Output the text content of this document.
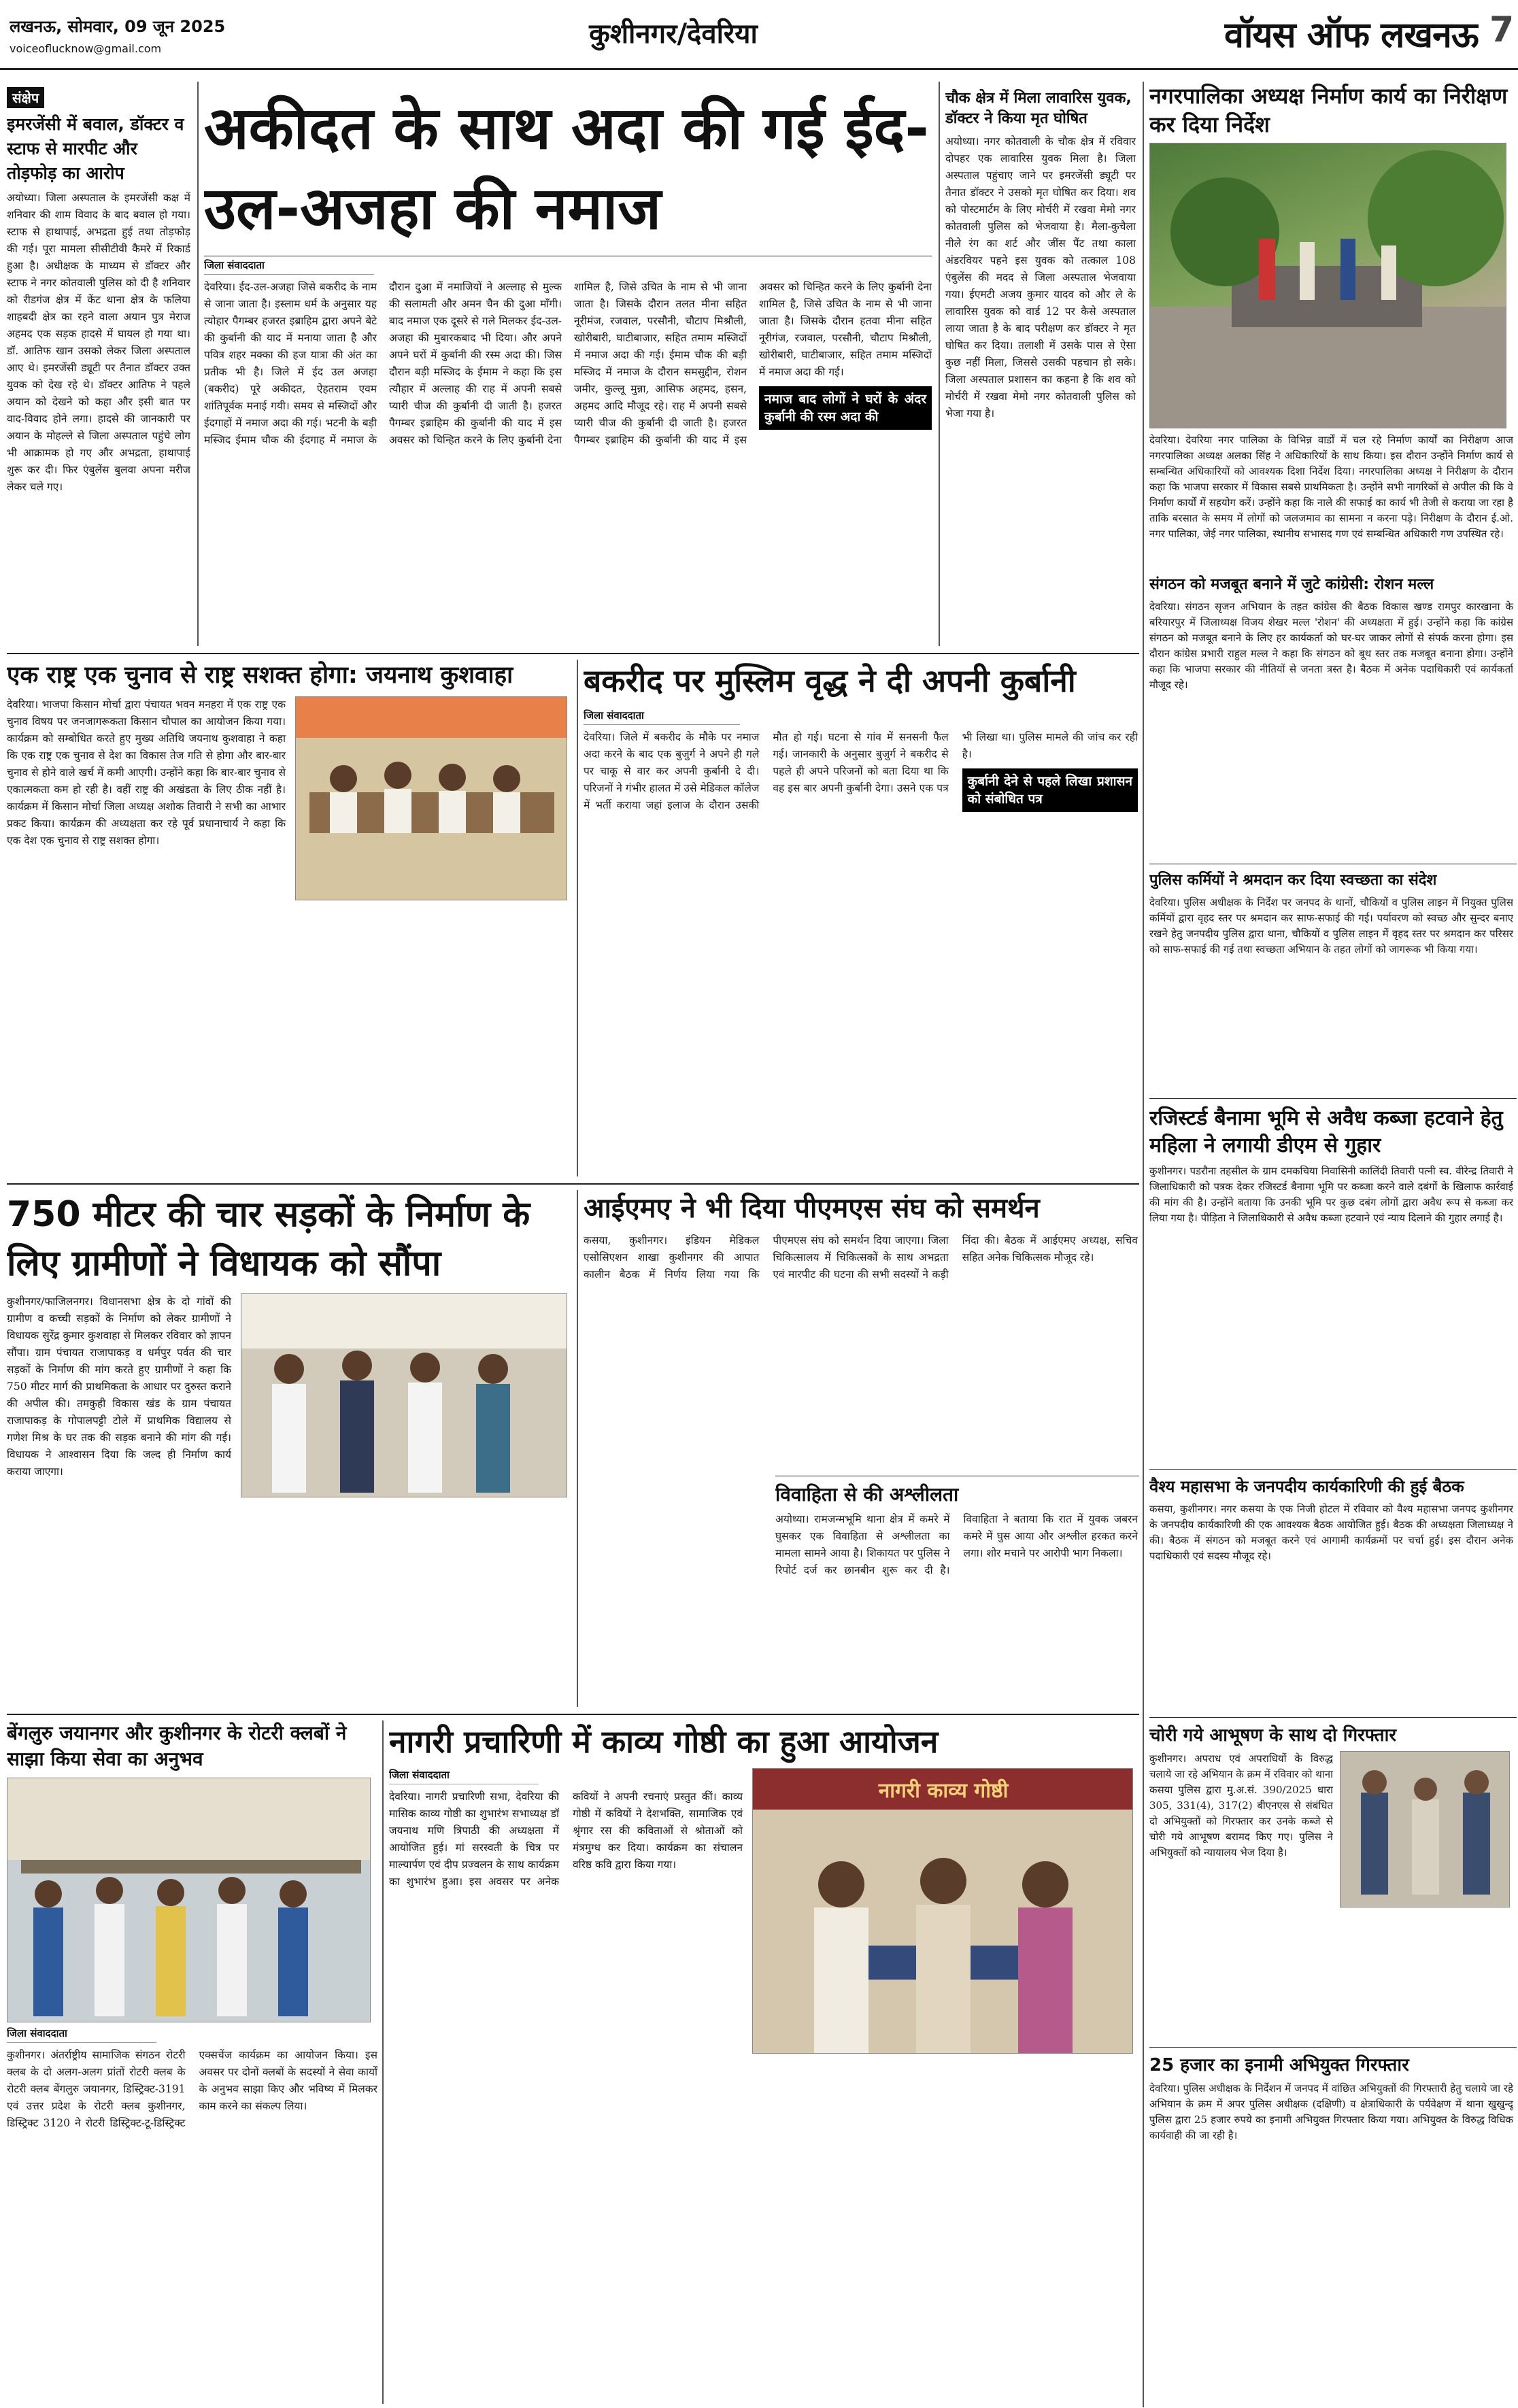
लखनऊ, सोमवार, 09 जून 2025
voiceoflucknow@gmail.com	कुशीनगर/देवरिया	वॉयस ऑफ लखनऊ 7
संक्षेप
इमरजेंसी में बवाल, डॉक्टर व स्टाफ से मारपीट और तोड़फोड़ का आरोप
अयोध्या। जिला अस्पताल के इमरजेंसी कक्ष में शनिवार की शाम विवाद के बाद बवाल हो गया। स्टाफ से हाथापाई, अभद्रता हुई तथा तोड़फोड़ की गई। पूरा मामला सीसीटीवी कैमरे में रिकार्ड हुआ है। अधीक्षक के माध्यम से डॉक्टर और स्टाफ ने नगर कोतवाली पुलिस को दी है शनिवार को रीडगंज क्षेत्र में केंट थाना क्षेत्र के फलिया शाहबदी क्षेत्र का रहने वाला अयान पुत्र मेराज अहमद एक सड़क हादसे में घायल हो गया था। डॉ. आतिफ खान उसको लेकर जिला अस्पताल आए थे। इमरजेंसी ड्यूटी पर तैनात डॉक्टर उक्त युवक को देख रहे थे। डॉक्टर आतिफ ने पहले अयान को देखने को कहा और इसी बात पर वाद-विवाद होने लगा। हादसे की जानकारी पर अयान के मोहल्ले से जिला अस्पताल पहुंचे लोग भी आक्रामक हो गए और अभद्रता, हाथापाई शुरू कर दी। फिर एंबुलेंस बुलवा अपना मरीज लेकर चले गए।
अकीदत के साथ अदा की गई ईद-उल-अजहा की नमाज
जिला संवाददाता
देवरिया। ईद-उल-अजहा जिसे बकरीद के नाम से जाना जाता है। इस्लाम धर्म के अनुसार यह त्योहार पैगम्बर हजरत इब्राहिम द्वारा अपने बेटे की कुर्बानी की याद में मनाया जाता है और पवित्र शहर मक्का की हज यात्रा की अंत का प्रतीक भी है। जिले में ईद उल अजहा (बकरीद) पूरे अकीदत, ऐहतराम एवम शांतिपूर्वक मनाई गयी। समय से मस्जिदों और ईदगाहों में नमाज अदा की गई। भटनी के बड़ी मस्जिद ईमाम चौक की ईदगाह में नमाज के दौरान दुआ में नमाजियों ने अल्लाह से मुल्क की सलामती और अमन चैन की दुआ माँगी। बाद नमाज एक दूसरे से गले मिलकर ईद-उल-अजहा की मुबारकबाद भी दिया। और अपने अपने घरों में कुर्बानी की रस्म अदा की। जिस दौरान बड़ी मस्जिद के ईमाम ने कहा कि इस त्यौहार में अल्लाह की राह में अपनी सबसे प्यारी चीज की कुर्बानी दी जाती है। हजरत पैगम्बर इब्राहिम की कुर्बानी की याद में इस अवसर को चिन्हित करने के लिए कुर्बानी देना शामिल है, जिसे उचित के नाम से भी जाना जाता है। जिसके दौरान तलत मीना सहित नूरीमंज, रजवाल, परसौनी, चौटाप मिश्रौली, खोरीबारी, घाटीबाजार, सहित तमाम मस्जिदों में नमाज अदा की गई। ईमाम चौक की बड़ी मस्जिद में नमाज के दौरान समसुद्दीन, रोशन जमीर, कुल्लू मुन्ना, आसिफ अहमद, हसन, अहमद आदि मौजूद रहे। राह में अपनी सबसे प्यारी चीज की कुर्बानी दी जाती है। हजरत पैगम्बर इब्राहिम की कुर्बानी की याद में इस अवसर को चिन्हित करने के लिए कुर्बानी देना शामिल है, जिसे उचित के नाम से भी जाना जाता है। जिसके दौरान हतवा मीना सहित नूरीगंज, रजवाल, परसौनी, चौटाप मिश्रौली, खोरीबारी, घाटीबाजार, सहित तमाम मस्जिदों में नमाज अदा की गई।
नमाज बाद लोगों ने घरों के अंदर कुर्बानी की रस्म अदा की
चौक क्षेत्र में मिला लावारिस युवक, डॉक्टर ने किया मृत घोषित
अयोध्या। नगर कोतवाली के चौक क्षेत्र में रविवार दोपहर एक लावारिस युवक मिला है। जिला अस्पताल पहुंचाए जाने पर इमरजेंसी ड्यूटी पर तैनात डॉक्टर ने उसको मृत घोषित कर दिया। शव को पोस्टमार्टम के लिए मोर्चरी में रखवा मेमो नगर कोतवाली पुलिस को भेजवाया है। मैला-कुचैला नीले रंग का शर्ट और जींस पैंट तथा काला अंडरवियर पहने इस युवक को तत्काल 108 एंबुलेंस की मदद से जिला अस्पताल भेजवाया गया। ईएमटी अजय कुमार यादव को और ले के लावारिस युवक को वार्ड 12 पर कैसे अस्पताल लाया जाता है के बाद परीक्षण कर डॉक्टर ने मृत घोषित कर दिया। तलाशी में उसके पास से ऐसा कुछ नहीं मिला, जिससे उसकी पहचान हो सके। जिला अस्पताल प्रशासन का कहना है कि शव को मोर्चरी में रखवा मेमो नगर कोतवाली पुलिस को भेजा गया है।
नगरपालिका अध्यक्ष निर्माण कार्य का निरीक्षण कर दिया निर्देश
देवरिया। देवरिया नगर पालिका के विभिन्न वार्डों में चल रहे निर्माण कार्यों का निरीक्षण आज नगरपालिका अध्यक्ष अलका सिंह ने अधिकारियों के साथ किया। इस दौरान उन्होंने निर्माण कार्य से सम्बन्धित अधिकारियों को आवश्यक दिशा निर्देश दिया। नगरपालिका अध्यक्ष ने निरीक्षण के दौरान कहा कि भाजपा सरकार में विकास सबसे प्राथमिकता है। उन्होंने सभी नागरिकों से अपील की कि वे निर्माण कार्यों में सहयोग करें। उन्होंने कहा कि नाले की सफाई का कार्य भी तेजी से कराया जा रहा है ताकि बरसात के समय में लोगों को जलजमाव का सामना न करना पड़े। निरीक्षण के दौरान ई.ओ. नगर पालिका, जेई नगर पालिका, स्थानीय सभासद गण एवं सम्बन्धित अधिकारी गण उपस्थित रहे।
संगठन को मजबूत बनाने में जुटे कांग्रेसी: रोशन मल्ल
देवरिया। संगठन सृजन अभियान के तहत कांग्रेस की बैठक विकास खण्ड रामपुर कारखाना के बरियारपुर में जिलाध्यक्ष विजय शेखर मल्ल 'रोशन' की अध्यक्षता में हुई। उन्होंने कहा कि कांग्रेस संगठन को मजबूत बनाने के लिए हर कार्यकर्ता को घर-घर जाकर लोगों से संपर्क करना होगा। इस दौरान कांग्रेस प्रभारी राहुल मल्ल ने कहा कि संगठन को बूथ स्तर तक मजबूत बनाना होगा। उन्होंने कहा कि भाजपा सरकार की नीतियों से जनता त्रस्त है। बैठक में अनेक पदाधिकारी एवं कार्यकर्ता मौजूद रहे।
पुलिस कर्मियों ने श्रमदान कर दिया स्वच्छता का संदेश
देवरिया। पुलिस अधीक्षक के निर्देश पर जनपद के थानों, चौकियों व पुलिस लाइन में नियुक्त पुलिस कर्मियों द्वारा वृहद स्तर पर श्रमदान कर साफ-सफाई की गई। पर्यावरण को स्वच्छ और सुन्दर बनाए रखने हेतु जनपदीय पुलिस द्वारा थाना, चौकियों व पुलिस लाइन में वृहद स्तर पर श्रमदान कर परिसर को साफ-सफाई की गई तथा स्वच्छता अभियान के तहत लोगों को जागरूक भी किया गया।
रजिस्टर्ड बैनामा भूमि से अवैध कब्जा हटवाने हेतु महिला ने लगायी डीएम से गुहार
कुशीनगर। पडरौना तहसील के ग्राम दमकचिया निवासिनी कालिंदी तिवारी पत्नी स्व. वीरेन्द्र तिवारी ने जिलाधिकारी को पत्रक देकर रजिस्टर्ड बैनामा भूमि पर कब्जा करने वाले दबंगों के खिलाफ कार्रवाई की मांग की है। उन्होंने बताया कि उनकी भूमि पर कुछ दबंग लोगों द्वारा अवैध रूप से कब्जा कर लिया गया है। पीड़िता ने जिलाधिकारी से अवैध कब्जा हटवाने एवं न्याय दिलाने की गुहार लगाई है।
वैश्य महासभा के जनपदीय कार्यकारिणी की हुई बैठक
कसया, कुशीनगर। नगर कसया के एक निजी होटल में रविवार को वैश्य महासभा जनपद कुशीनगर के जनपदीय कार्यकारिणी की एक आवश्यक बैठक आयोजित हुई। बैठक की अध्यक्षता जिलाध्यक्ष ने की। बैठक में संगठन को मजबूत करने एवं आगामी कार्यक्रमों पर चर्चा हुई। इस दौरान अनेक पदाधिकारी एवं सदस्य मौजूद रहे।
चोरी गये आभूषण के साथ दो गिरफ्तार
कुशीनगर। अपराध एवं अपराधियों के विरुद्ध चलाये जा रहे अभियान के क्रम में रविवार को थाना कसया पुलिस द्वारा मु.अ.सं. 390/2025 धारा 305, 331(4), 317(2) बीएनएस से संबंधित दो अभियुक्तों को गिरफ्तार कर उनके कब्जे से चोरी गये आभूषण बरामद किए गए। पुलिस ने अभियुक्तों को न्यायालय भेज दिया है।
25 हजार का इनामी अभियुक्त गिरफ्तार
देवरिया। पुलिस अधीक्षक के निर्देशन में जनपद में वांछित अभियुक्तों की गिरफ्तारी हेतु चलाये जा रहे अभियान के क्रम में अपर पुलिस अधीक्षक (दक्षिणी) व क्षेत्राधिकारी के पर्यवेक्षण में थाना खुखुन्दू पुलिस द्वारा 25 हजार रुपये का इनामी अभियुक्त गिरफ्तार किया गया। अभियुक्त के विरुद्ध विधिक कार्यवाही की जा रही है।
एक राष्ट्र एक चुनाव से राष्ट्र सशक्त होगा: जयनाथ कुशवाहा
देवरिया। भाजपा किसान मोर्चा द्वारा पंचायत भवन मनहरा में एक राष्ट्र एक चुनाव विषय पर जनजागरूकता किसान चौपाल का आयोजन किया गया। कार्यक्रम को सम्बोधित करते हुए मुख्य अतिथि जयनाथ कुशवाहा ने कहा कि एक राष्ट्र एक चुनाव से देश का विकास तेज गति से होगा और बार-बार चुनाव से होने वाले खर्च में कमी आएगी। उन्होंने कहा कि बार-बार चुनाव से एकात्मकता कम हो रही है। वहीं राष्ट्र की अखंडता के लिए ठीक नहीं है। कार्यक्रम में किसान मोर्चा जिला अध्यक्ष अशोक तिवारी ने सभी का आभार प्रकट किया। कार्यक्रम की अध्यक्षता कर रहे पूर्व प्रधानाचार्य ने कहा कि एक देश एक चुनाव से राष्ट्र सशक्त होगा।
बकरीद पर मुस्लिम वृद्ध ने दी अपनी कुर्बानी
जिला संवाददाता
देवरिया। जिले में बकरीद के मौके पर नमाज अदा करने के बाद एक बुजुर्ग ने अपने ही गले पर चाकू से वार कर अपनी कुर्बानी दे दी। परिजनों ने गंभीर हालत में उसे मेडिकल कॉलेज में भर्ती कराया जहां इलाज के दौरान उसकी मौत हो गई। घटना से गांव में सनसनी फैल गई। जानकारी के अनुसार बुजुर्ग ने बकरीद से पहले ही अपने परिजनों को बता दिया था कि वह इस बार अपनी कुर्बानी देगा। उसने एक पत्र भी लिखा था। पुलिस मामले की जांच कर रही है।
कुर्बानी देने से पहले लिखा प्रशासन को संबोधित पत्र
750 मीटर की चार सड़कों के निर्माण के लिए ग्रामीणों ने विधायक को सौंपा
कुशीनगर/फाजिलनगर। विधानसभा क्षेत्र के दो गांवों की ग्रामीण व कच्ची सड़कों के निर्माण को लेकर ग्रामीणों ने विधायक सुरेंद्र कुमार कुशवाहा से मिलकर रविवार को ज्ञापन सौंपा। ग्राम पंचायत राजापाकड़ व धर्मपुर पर्वत की चार सड़कों के निर्माण की मांग करते हुए ग्रामीणों ने कहा कि 750 मीटर मार्ग की प्राथमिकता के आधार पर दुरुस्त कराने की अपील की। तमकुही विकास खंड के ग्राम पंचायत राजापाकड़ के गोपालपट्टी टोले में प्राथमिक विद्यालय से गणेश मिश्र के घर तक की सड़क बनाने की मांग की गई। विधायक ने आश्वासन दिया कि जल्द ही निर्माण कार्य कराया जाएगा।
आईएमए ने भी दिया पीएमएस संघ को समर्थन
कसया, कुशीनगर। इंडियन मेडिकल एसोसिएशन शाखा कुशीनगर की आपात कालीन बैठक में निर्णय लिया गया कि पीएमएस संघ को समर्थन दिया जाएगा। जिला चिकित्सालय में चिकित्सकों के साथ अभद्रता एवं मारपीट की घटना की सभी सदस्यों ने कड़ी निंदा की। बैठक में आईएमए अध्यक्ष, सचिव सहित अनेक चिकित्सक मौजूद रहे।
विवाहिता से की अश्लीलता
अयोध्या। रामजन्मभूमि थाना क्षेत्र में कमरे में घुसकर एक विवाहिता से अश्लीलता का मामला सामने आया है। शिकायत पर पुलिस ने रिपोर्ट दर्ज कर छानबीन शुरू कर दी है। विवाहिता ने बताया कि रात में युवक जबरन कमरे में घुस आया और अश्लील हरकत करने लगा। शोर मचाने पर आरोपी भाग निकला।
बेंगलुरु जयानगर और कुशीनगर के रोटरी क्लबों ने साझा किया सेवा का अनुभव
जिला संवाददाता
कुशीनगर। अंतर्राष्ट्रीय सामाजिक संगठन रोटरी क्लब के दो अलग-अलग प्रांतों रोटरी क्लब के रोटरी क्लब बेंगलुरु जयानगर, डिस्ट्रिक्ट-3191 एवं उत्तर प्रदेश के रोटरी क्लब कुशीनगर, डिस्ट्रिक्ट 3120 ने रोटरी डिस्ट्रिक्ट-टू-डिस्ट्रिक्ट एक्सचेंज कार्यक्रम का आयोजन किया। इस अवसर पर दोनों क्लबों के सदस्यों ने सेवा कार्यों के अनुभव साझा किए और भविष्य में मिलकर काम करने का संकल्प लिया।
नागरी प्रचारिणी में काव्य गोष्ठी का हुआ आयोजन
जिला संवाददाता
देवरिया। नागरी प्रचारिणी सभा, देवरिया की मासिक काव्य गोष्ठी का शुभारंभ सभाध्यक्ष डॉ जयनाथ मणि त्रिपाठी की अध्यक्षता में आयोजित हुई। मां सरस्वती के चित्र पर माल्यार्पण एवं दीप प्रज्वलन के साथ कार्यक्रम का शुभारंभ हुआ। इस अवसर पर अनेक कवियों ने अपनी रचनाएं प्रस्तुत कीं। काव्य गोष्ठी में कवियों ने देशभक्ति, सामाजिक एवं श्रृंगार रस की कविताओं से श्रोताओं को मंत्रमुग्ध कर दिया। कार्यक्रम का संचालन वरिष्ठ कवि द्वारा किया गया।
नागरी काव्य गोष्ठी
